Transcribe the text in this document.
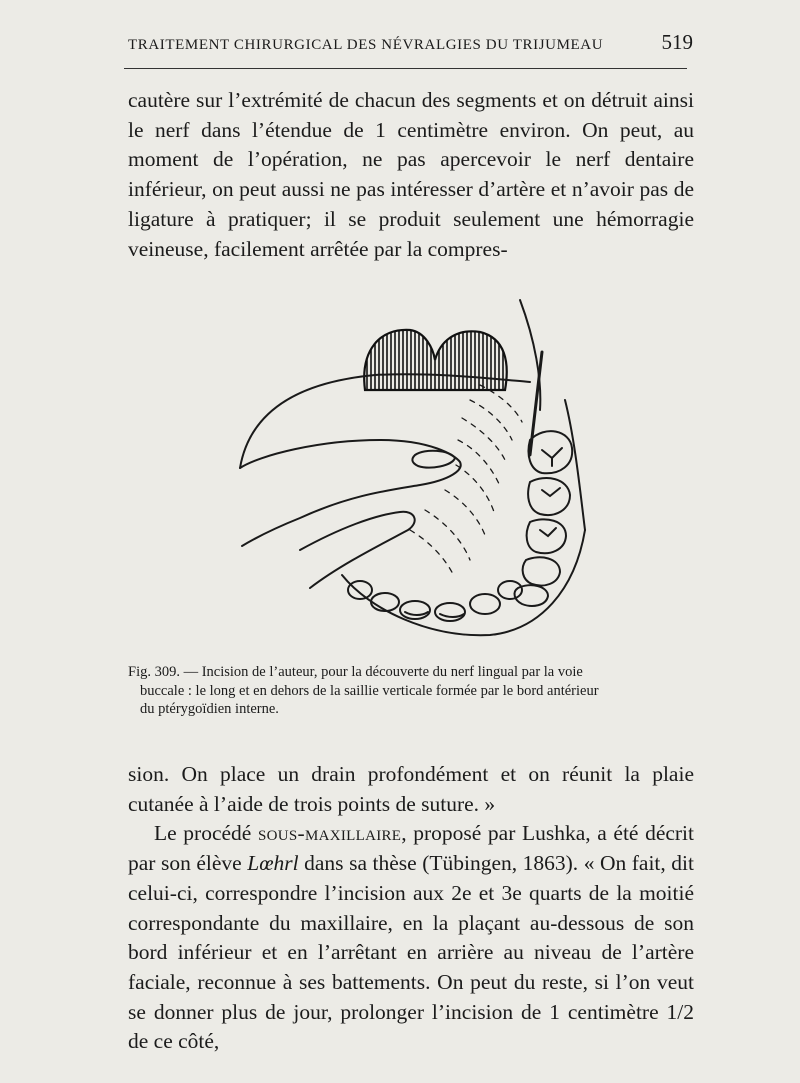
TRAITEMENT CHIRURGICAL DES NÉVRALGIES DU TRIJUMEAU	519

cautère sur l’extrémité de chacun des segments et on détruit ainsi le nerf dans l’étendue de 1 centimètre environ. On peut, au moment de l’opération, ne pas apercevoir le nerf dentaire inférieur, on peut aussi ne pas intéresser d’artère et n’avoir pas de ligature à pratiquer; il se produit seulement une hémorragie veineuse, facilement arrêtée par la compres-

Fig. 309. — Incision de l’auteur, pour la découverte du nerf lingual par la voie
buccale : le long et en dehors de la saillie verticale formée par le bord antérieur
du ptérygoïdien interne.

sion. On place un drain profondément et on réunit la plaie cutanée à l’aide de trois points de suture. »

Le procédé sous-maxillaire, proposé par Lushka, a été décrit par son élève Lœhrl dans sa thèse (Tübingen, 1863). « On fait, dit celui-ci, correspondre l’incision aux 2e et 3e quarts de la moitié correspondante du maxillaire, en la plaçant au-dessous de son bord inférieur et en l’arrêtant en arrière au niveau de l’artère faciale, reconnue à ses battements. On peut du reste, si l’on veut se donner plus de jour, prolonger l’incision de 1 centimètre 1/2 de ce côté,
